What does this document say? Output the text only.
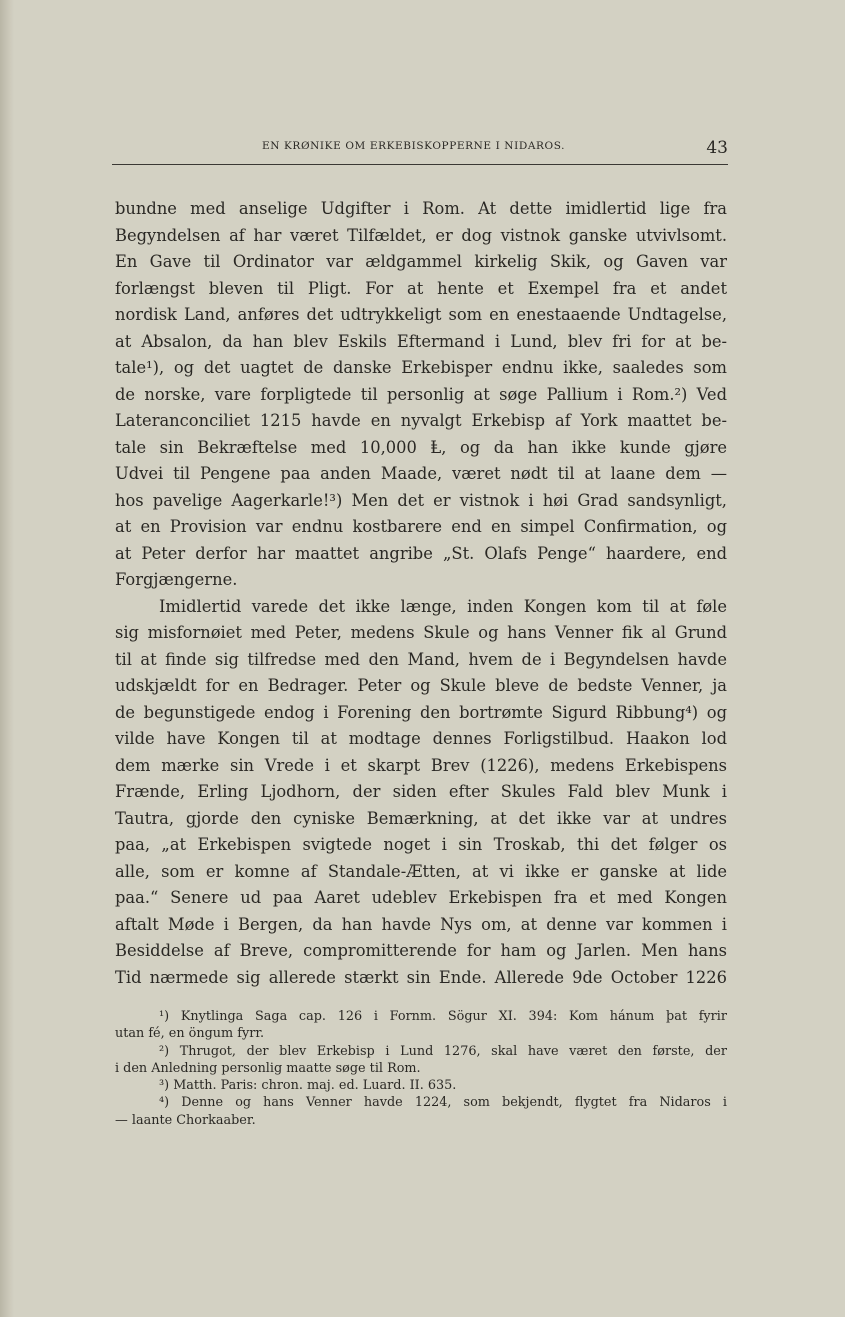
EN KRØNIKE OM ERKEBISKOPPERNE I NIDAROS.	43
bundne med anselige Udgifter i Rom. At dette imidlertid lige fra
Begyndelsen af har været Tilfældet, er dog vistnok ganske utvivlsomt.
En Gave til Ordinator var ældgammel kirkelig Skik, og Gaven var
forlængst bleven til Pligt. For at hente et Exempel fra et andet
nordisk Land, anføres det udtrykkeligt som en enestaaende Undtagelse,
at Absalon, da han blev Eskils Eftermand i Lund, blev fri for at be-
tale¹), og det uagtet de danske Erkebisper endnu ikke, saaledes som
de norske, vare forpligtede til personlig at søge Pallium i Rom.²) Ved
Lateranconciliet 1215 havde en nyvalgt Erkebisp af York maattet be-
tale sin Bekræftelse med 10,000 Ⱡ, og da han ikke kunde gjøre
Udvei til Pengene paa anden Maade, været nødt til at laane dem —
hos pavelige Aagerkarle!³) Men det er vistnok i høi Grad sandsynligt,
at en Provision var endnu kostbarere end en simpel Confirmation, og
at Peter derfor har maattet angribe „St. Olafs Penge“ haardere, end
Forgjængerne.
Imidlertid varede det ikke længe, inden Kongen kom til at føle
sig misfornøiet med Peter, medens Skule og hans Venner fik al Grund
til at finde sig tilfredse med den Mand, hvem de i Begyndelsen havde
udskjældt for en Bedrager. Peter og Skule bleve de bedste Venner, ja
de begunstigede endog i Forening den bortrømte Sigurd Ribbung⁴) og
vilde have Kongen til at modtage dennes Forligstilbud. Haakon lod
dem mærke sin Vrede i et skarpt Brev (1226), medens Erkebispens
Frænde, Erling Ljodhorn, der siden efter Skules Fald blev Munk i
Tautra, gjorde den cyniske Bemærkning, at det ikke var at undres
paa, „at Erkebispen svigtede noget i sin Troskab, thi det følger os
alle, som er komne af Standale-Ætten, at vi ikke er ganske at lide
paa.“ Senere ud paa Aaret udeblev Erkebispen fra et med Kongen
aftalt Møde i Bergen, da han havde Nys om, at denne var kommen i
Besiddelse af Breve, compromitterende for ham og Jarlen. Men hans
Tid nærmede sig allerede stærkt sin Ende. Allerede 9de October 1226
¹) Knytlinga Saga cap. 126 i Fornm. Sögur XI. 394: Kom hánum þat fyrir
utan fé, en öngum fyrr.
²) Thrugot, der blev Erkebisp i Lund 1276, skal have været den første, der
i den Anledning personlig maatte søge til Rom.
³) Matth. Paris: chron. maj. ed. Luard. II. 635.
⁴) Denne og hans Venner havde 1224, som bekjendt, flygtet fra Nidaros i
— laante Chorkaaber.
